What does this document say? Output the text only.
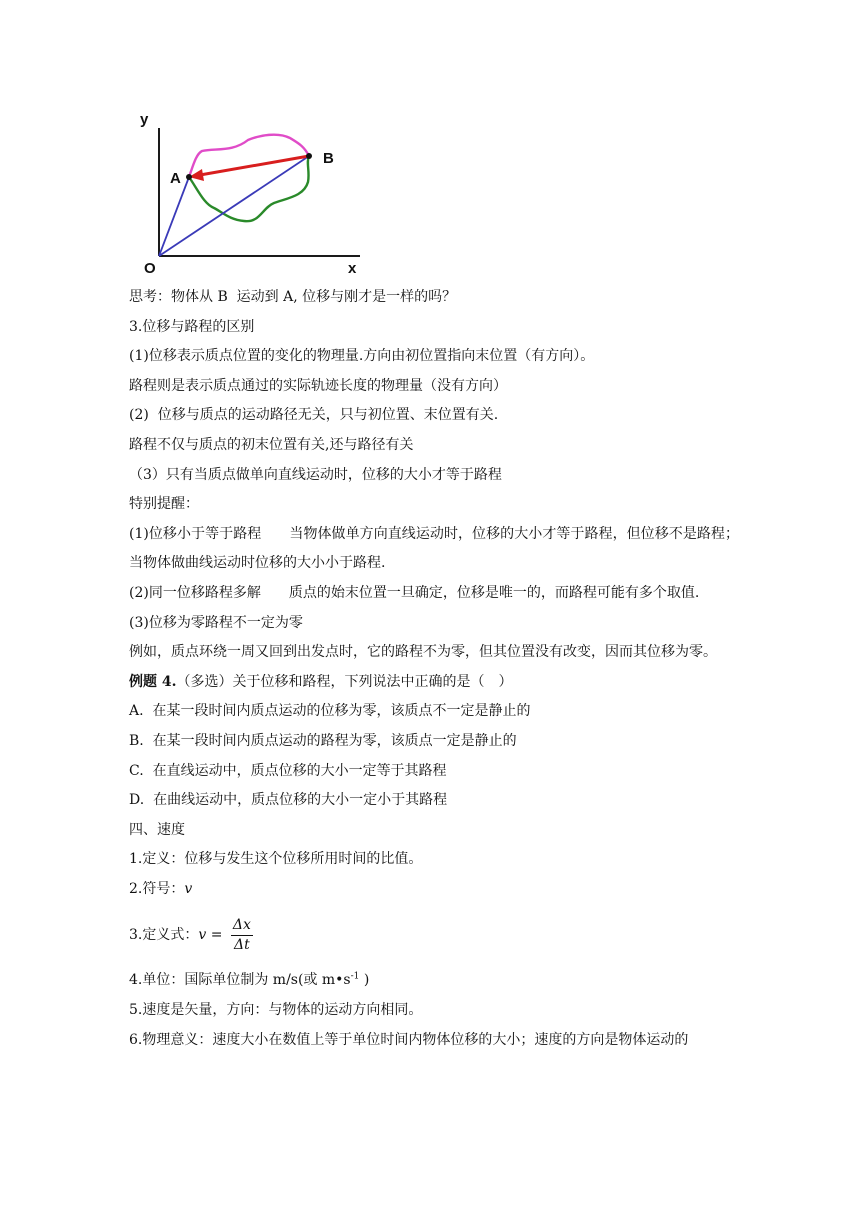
y
x
O
A
B

思考：物体从 B  运动到 A, 位移与刚才是一样的吗？

3.位移与路程的区别

(1)位移表示质点位置的变化的物理量.方向由初位置指向末位置（有方向）。

路程则是表示质点通过的实际轨迹长度的物理量（没有方向）

(2)  位移与质点的运动路径无关，只与初位置、末位置有关.

路程不仅与质点的初末位置有关,还与路径有关

（3）只有当质点做单向直线运动时，位移的大小才等于路程

特别提醒：

(1)位移小于等于路程　　当物体做单方向直线运动时，位移的大小才等于路程，但位移不是路程；当物体做曲线运动时位移的大小小于路程.

(2)同一位移路程多解　　质点的始末位置一旦确定，位移是唯一的，而路程可能有多个取值.

(3)位移为零路程不一定为零

例如，质点环绕一周又回到出发点时，它的路程不为零，但其位置没有改变，因而其位移为零。

例题 4.（多选）关于位移和路程，下列说法中正确的是（　）

A.  在某一段时间内质点运动的位移为零，该质点不一定是静止的

B.  在某一段时间内质点运动的路程为零，该质点一定是静止的

C.  在直线运动中，质点位移的大小一定等于其路程

D.  在曲线运动中，质点位移的大小一定小于其路程

四、速度

1.定义：位移与发生这个位移所用时间的比值。

2.符号：v

3.定义式： $v = \frac{\Delta x}{\Delta t}$

4.单位：国际单位制为 m/s(或 $m•s^{-1}$ )

5.速度是矢量，方向：与物体的运动方向相同。

6.物理意义：速度大小在数值上等于单位时间内物体位移的大小；速度的方向是物体运动的
